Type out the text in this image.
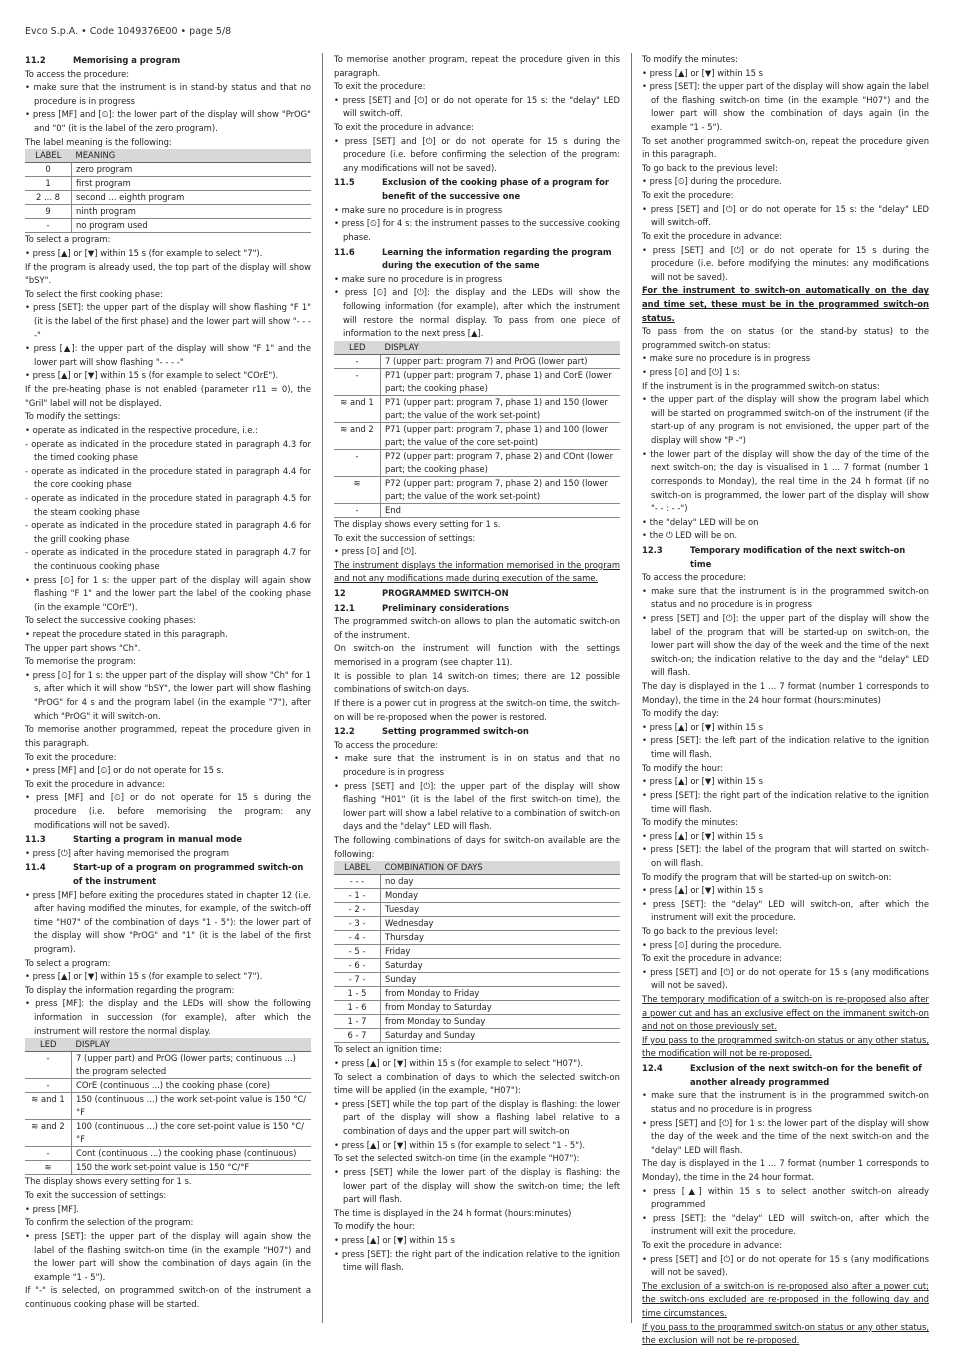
Evco S.p.A. • Code 1049376E00 • page 5/8
11.2	Memorising a program

To access the procedure:

• make sure that the instrument is in stand-by status and that no procedure is in progress

• press [MF] and [⏲]: the lower part of the display will show "PrOG" and "0" (it is the label of the zero program).

The label meaning is the following:

LABEL	MEANING
0	zero program
1	first program
2 ... 8	second ... eighth program
9	ninth program
-	no program used

To select a program:

• press [▲] or [▼] within 15 s (for example to select "7").

If the program is already used, the top part of the display will show "bSY".

To select the first cooking phase:

• press [SET]: the upper part of the display will show flashing "F 1" (it is the label of the first phase) and the lower part will show "- - - -"

• press [▲]: the upper part of the display will show "F 1" and the lower part will show flashing "- - - -"

• press [▲] or [▼] within 15 s (for example to select "COrE").

If the pre-heating phase is not enabled (parameter r11 = 0), the "Gril" label will not be displayed.

To modify the settings:

• operate as indicated in the respective procedure, i.e.:

- operate as indicated in the procedure stated in paragraph 4.3 for the timed cooking phase

- operate as indicated in the procedure stated in paragraph 4.4 for the core cooking phase

- operate as indicated in the procedure stated in paragraph 4.5 for the steam cooking phase

- operate as indicated in the procedure stated in paragraph 4.6 for the grill cooking phase

- operate as indicated in the procedure stated in paragraph 4.7 for the continuous cooking phase

• press [⏲] for 1 s: the upper part of the display will again show flashing "F 1" and the lower part the label of the cooking phase (in the example "COrE").

To select the successive cooking phases:

• repeat the procedure stated in this paragraph.

The upper part shows "Ch".

To memorise the program:

• press [⏲] for 1 s: the upper part of the display will show "Ch" for 1 s, after which it will show "bSY", the lower part will show flashing "PrOG" for 4 s and the program label (in the example "7"), after which "PrOG" it will switch-on.

To memorise another programmed, repeat the procedure given in this paragraph.

To exit the procedure:

• press [MF] and [⏲] or do not operate for 15 s.

To exit the procedure in advance:

• press [MF] and [⏲] or do not operate for 15 s during the procedure (i.e. before memorising the program: any modifications will not be saved).

11.3	Starting a program in manual mode

• press [⏻] after having memorised the program

11.4	Start-up of a program on programmed switch-on of the instrument

• press [MF] before exiting the procedures stated in chapter 12 (i.e. after having modified the minutes, for example, of the switch-off time "H07" of the combination of days "1 - 5"): the lower part of the display will show "PrOG" and "1" (it is the label of the first program).

To select a program:

• press [▲] or [▼] within 15 s (for example to select "7").

To display the information regarding the program:

• press [MF]: the display and the LEDs will show the following information in succession (for example), after which the instrument will restore the normal display.

LED	DISPLAY
-	7 (upper part) and PrOG (lower parts; continuous ...) the program selected
-	COrE (continuous ...) the cooking phase (core)
≋ and 1	150 (continuous ...) the work set-point value is 150 °C/°F
≋ and 2	100 (continuous ...) the core set-point value is 150 °C/°F
-	Cont (continuous ...) the cooking phase (continuous)
≋	150 the work set-point value is 150 °C/°F

The display shows every setting for 1 s.

To exit the succession of settings:

• press [MF].

To confirm the selection of the program:

• press [SET]: the upper part of the display will again show the label of the flashing switch-on time (in the example "H07") and the lower part will show the combination of days again (in the example "1 - 5").

If "-" is selected, on programmed switch-on of the instrument a continuous cooking phase will be started.

To memorise another program, repeat the procedure given in this paragraph.

To exit the procedure:

• press [SET] and [⏻] or do not operate for 15 s: the "delay" LED will switch-off.

To exit the procedure in advance:

• press [SET] and [⏻] or do not operate for 15 s during the procedure (i.e. before confirming the selection of the program: any modifications will not be saved).

11.5	Exclusion of the cooking phase of a program for benefit of the successive one

• make sure no procedure is in progress

• press [⏲] for 4 s: the instrument passes to the successive cooking phase.

11.6	Learning the information regarding the program during the execution of the same

• make sure no procedure is in progress

• press [⏲] and [⏻]: the display and the LEDs will show the following information (for example), after which the instrument will restore the normal display. To pass from one piece of information to the next press [▲].

LED	DISPLAY
-	7 (upper part: program 7) and PrOG (lower part)
-	P71 (upper part: program 7, phase 1) and CorE (lower part; the cooking phase)
≋ and 1	P71 (upper part: program 7, phase 1) and 150 (lower part; the value of the work set-point)
≋ and 2	P71 (upper part: program 7, phase 1) and 100 (lower part; the value of the core set-point)
-	P72 (upper part: program 7, phase 2) and COnt (lower part; the cooking phase)
≋	P72 (upper part: program 7, phase 2) and 150 (lower part; the value of the work set-point)
-	End

The display shows every setting for 1 s.

To exit the succession of settings:

• press [⏲] and [⏻].

The instrument displays the information memorised in the program and not any modifications made during execution of the same.

12	PROGRAMMED SWITCH-ON
12.1	Preliminary considerations

The programmed switch-on allows to plan the automatic switch-on of the instrument.

On switch-on the instrument will function with the settings memorised in a program (see chapter 11).

It is possible to plan 14 switch-on times; there are 12 possible combinations of switch-on days.

If there is a power cut in progress at the switch-on time, the switch-on will be re-proposed when the power is restored.

12.2	Setting programmed switch-on

To access the procedure:

• make sure that the instrument is in on status and that no procedure is in progress

• press [SET] and [⏻]: the upper part of the display will show flashing "H01" (it is the label of the first switch-on time), the lower part will show a label relative to a combination of switch-on days and the "delay" LED will flash.

The following combinations of days for switch-on available are the following:

LABEL	COMBINATION OF DAYS
- - -	no day
- 1 -	Monday
- 2 -	Tuesday
- 3 -	Wednesday
- 4 -	Thursday
- 5 -	Friday
- 6 -	Saturday
- 7 -	Sunday
1 - 5	from Monday to Friday
1 - 6	from Monday to Saturday
1 - 7	from Monday to Sunday
6 - 7	Saturday and Sunday

To select an ignition time:

• press [▲] or [▼] within 15 s (for example to select "H07").

To select a combination of days to which the selected switch-on time will be applied (in the example, "H07"):

• press [SET] while the top part of the display is flashing: the lower part of the display will show a flashing label relative to a combination of days and the upper part will switch-on

• press [▲] or [▼] within 15 s (for example to select "1 - 5").

To set the selected switch-on time (in the example "H07"):

• press [SET] while the lower part of the display is flashing: the lower part of the display will show the switch-on time; the left part will flash.

The time is displayed in the 24 h format (hours:minutes)

To modify the hour:

• press [▲] or [▼] within 15 s

• press [SET]: the right part of the indication relative to the ignition time will flash.

To modify the minutes:

• press [▲] or [▼] within 15 s

• press [SET]: the upper part of the display will show again the label of the flashing switch-on time (in the example "H07") and the lower part will show the combination of days again (in the example "1 - 5").

To set another programmed switch-on, repeat the procedure given in this paragraph.

To go back to the previous level:

• press [⏲] during the procedure.

To exit the procedure:

• press [SET] and [⏻] or do not operate for 15 s: the "delay" LED will switch-off.

To exit the procedure in advance:

• press [SET] and [⏻] or do not operate for 15 s during the procedure (i.e. before modifying the minutes: any modifications will not be saved).

For the instrument to switch-on automatically on the day and time set, these must be in the programmed switch-on status.

To pass from the on status (or the stand-by status) to the programmed switch-on status:

• make sure no procedure is in progress

• press [⏲] and [⏻] 1 s:

If the instrument is in the programmed switch-on status:

• the upper part of the display will show the program label which will be started on programmed switch-on of the instrument (if the start-up of any program is not envisioned, the upper part of the display will show "P -")

• the lower part of the display will show the day of the time of the next switch-on; the day is visualised in 1 ... 7 format (number 1 corresponds to Monday), the real time in the 24 h format (if no switch-on is programmed, the lower part of the display will show "- - : - -")

• the "delay" LED will be on

• the ⏻ LED will be on.

12.3	Temporary modification of the next switch-on time

To access the procedure:

• make sure that the instrument is in the programmed switch-on status and no procedure is in progress

• press [SET] and [⏻]: the upper part of the display will show the label of the program that will be started-up on switch-on, the lower part will show the day of the week and the time of the next switch-on; the indication relative to the day and the "delay" LED will flash.

The day is displayed in the 1 ... 7 format (number 1 corresponds to Monday), the time in the 24 hour format (hours:minutes)

To modify the day:

• press [▲] or [▼] within 15 s

• press [SET]: the left part of the indication relative to the ignition time will flash.

To modify the hour:

• press [▲] or [▼] within 15 s

• press [SET]: the right part of the indication relative to the ignition time will flash.

To modify the minutes:

• press [▲] or [▼] within 15 s

• press [SET]: the label of the program that will started on switch-on will flash.

To modify the program that will be started-up on switch-on:

• press [▲] or [▼] within 15 s

• press [SET]: the "delay" LED will switch-on, after which the instrument will exit the procedure.

To go back to the previous level:

• press [⏲] during the procedure.

To exit the procedure in advance:

• press [SET] and [⏻] or do not operate for 15 s (any modifications will not be saved).

The temporary modification of a switch-on is re-proposed also after a power cut and has an exclusive effect on the immanent switch-on and not on those previously set.

If you pass to the programmed switch-on status or any other status, the modification will not be re-proposed.

12.4	Exclusion of the next switch-on for the benefit of another already programmed

• make sure that the instrument is in the programmed switch-on status and no procedure is in progress

• press [SET] and [⏻] for 1 s: the lower part of the display will show the day of the week and the time of the next switch-on and the "delay" LED will flash.

The day is displayed in the 1 ... 7 format (number 1 corresponds to Monday), the time in the 24 hour format.

• press [▲] within 15 s to select another switch-on already programmed

• press [SET]: the "delay" LED will switch-on, after which the instrument will exit the procedure.

To exit the procedure in advance:

• press [SET] and [⏻] or do not operate for 15 s (any modifications will not be saved).

The exclusion of a switch-on is re-proposed also after a power cut; the switch-ons excluded are re-proposed in the following day and time circumstances.

If you pass to the programmed switch-on status or any other status, the exclusion will not be re-proposed.
